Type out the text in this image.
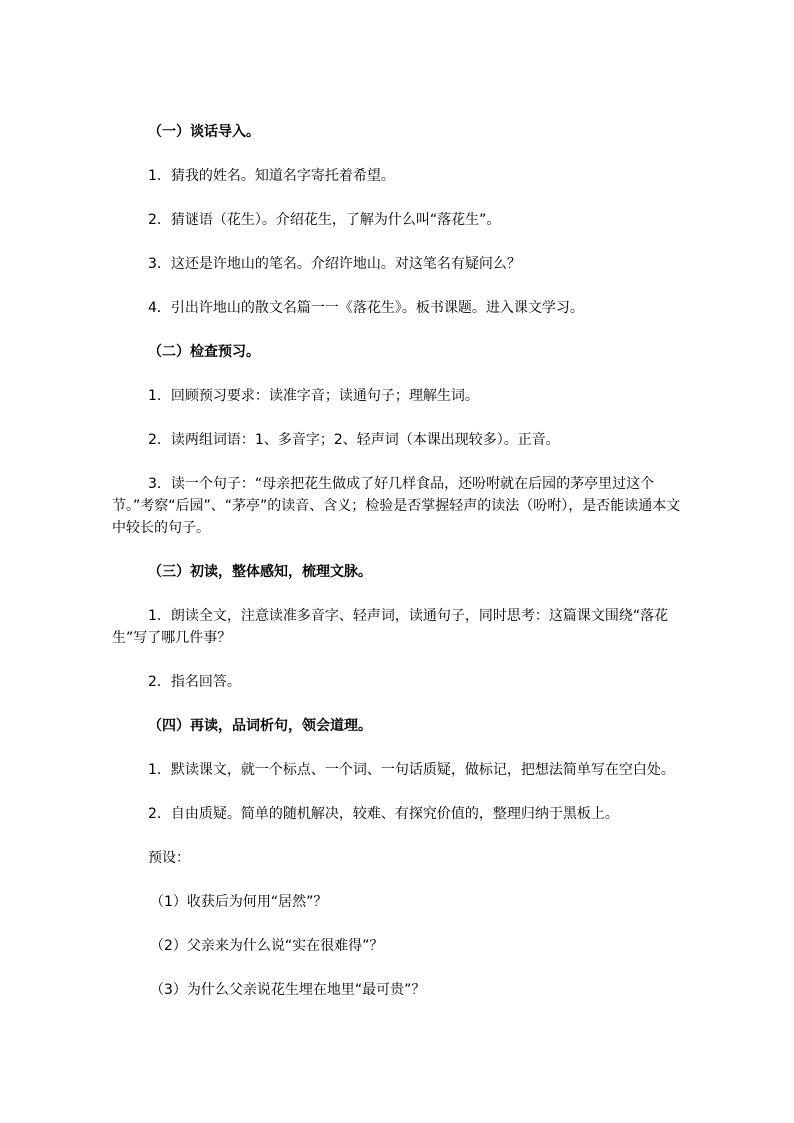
（一）谈话导入。
1．猜我的姓名。知道名字寄托着希望。
2．猜谜语（花生）。介绍花生，了解为什么叫“落花生”。
3．这还是许地山的笔名。介绍许地山。对这笔名有疑问么？
4．引出许地山的散文名篇一一《落花生》。板书课题。进入课文学习。
（二）检查预习。
1．回顾预习要求：读准字音；读通句子；理解生词。
2．读两组词语：1、多音字；2、轻声词（本课出现较多）。正音。
3．读一个句子：“母亲把花生做成了好几样食品，还吩咐就在后园的茅亭里过这个节。”考察“后园”、“茅亭”的读音、含义；检验是否掌握轻声的读法（吩咐），是否能读通本文中较长的句子。
（三）初读，整体感知，梳理文脉。
1．朗读全文，注意读准多音字、轻声词，读通句子，同时思考：这篇课文围绕“落花生”写了哪几件事？
2．指名回答。
（四）再读，品词析句，领会道理。
1．默读课文，就一个标点、一个词、一句话质疑，做标记，把想法简单写在空白处。
2．自由质疑。简单的随机解决，较难、有探究价值的，整理归纳于黑板上。
预设：
（1）收获后为何用“居然”？
（2）父亲来为什么说“实在很难得”？
（3）为什么父亲说花生埋在地里“最可贵”？
